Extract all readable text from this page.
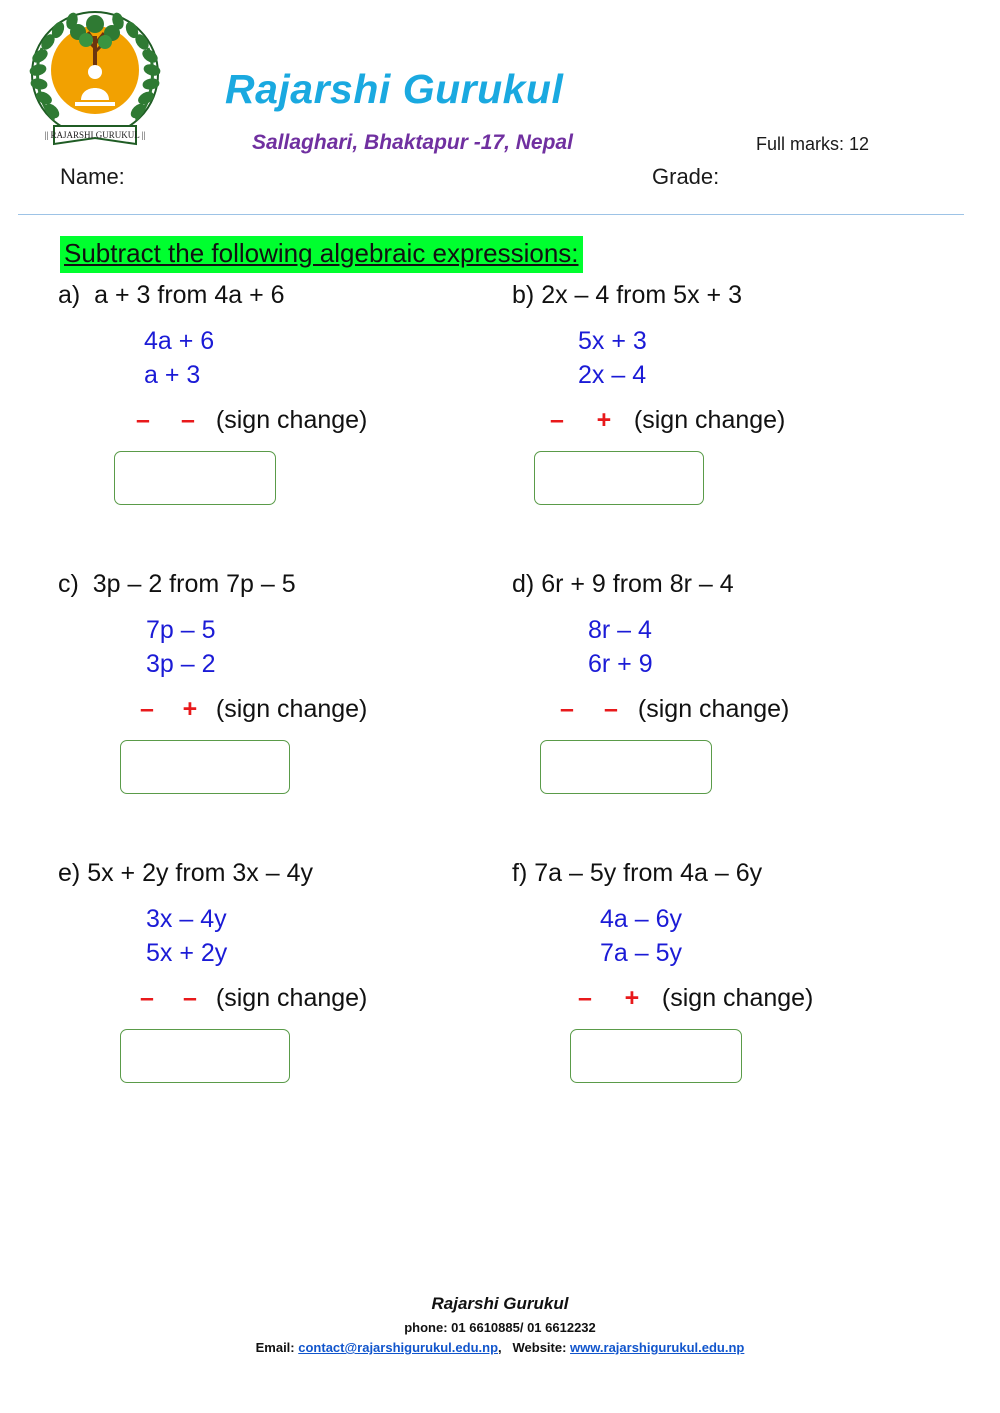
|| RAJARSHI GURUKUL ||
Rajarshi Gurukul
Sallaghari, Bhaktapur -17, Nepal	Full marks: 12
Name:	Grade:
Subtract the following algebraic expressions:
a) a + 3 from 4a + 6
4a + 6
a + 3
– – (sign change)
b) 2x – 4 from 5x + 3
5x + 3
2x – 4
– + (sign change)
c) 3p – 2 from 7p – 5
7p – 5
3p – 2
– + (sign change)
d) 6r + 9 from 8r – 4
8r – 4
6r + 9
– – (sign change)
e) 5x + 2y from 3x – 4y
3x – 4y
5x + 2y
– – (sign change)
f) 7a – 5y from 4a – 6y
4a – 6y
7a – 5y
– + (sign change)
Rajarshi Gurukul
phone: 01 6610885/ 01 6612232
Email: contact@rajarshigurukul.edu.np, Website: www.rajarshigurukul.edu.np
